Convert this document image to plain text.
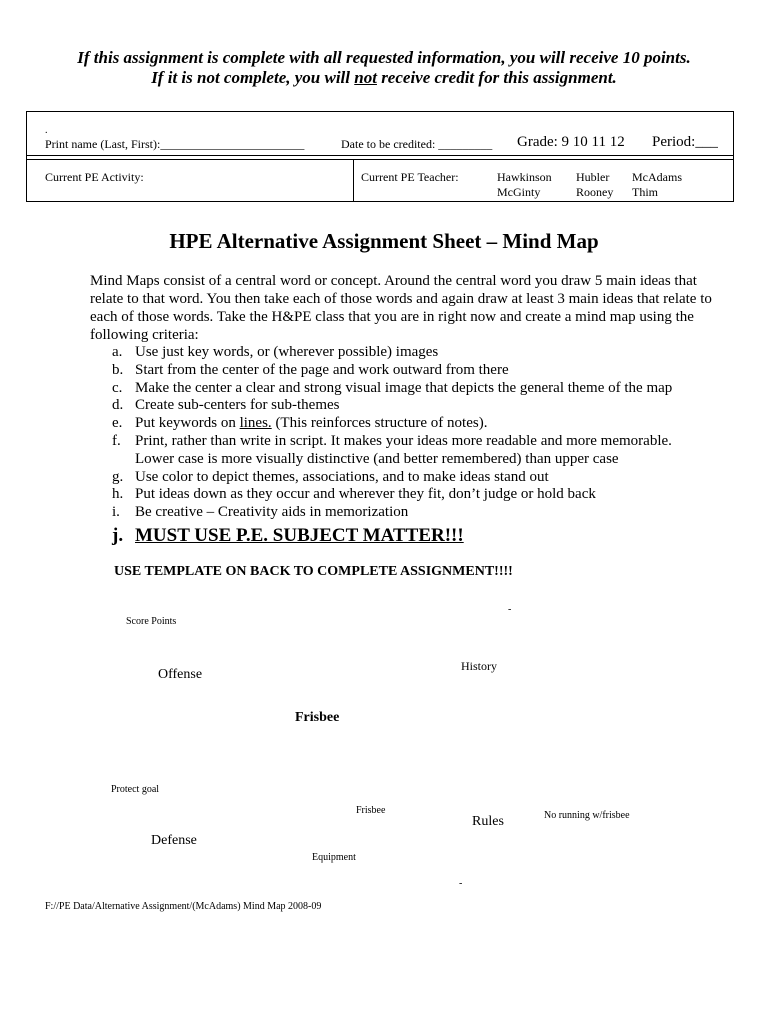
If this assignment is complete with all requested information, you will receive 10 points.
If it is not complete, you will not receive credit for this assignment.
.
Print name (Last, First):________________________	Date to be credited: _________ Grade: 9 10 11 12 Period:___
Current PE Activity:	Current PE Teacher:	Hawkinson Hubler McAdams
McGinty	Rooney Thim
HPE Alternative Assignment Sheet – Mind Map
Mind Maps consist of a central word or concept. Around the central word you draw 5 main ideas that relate to that word. You then take each of those words and again draw at least 3 main ideas that relate to each of those words. Take the H&PE class that you are in right now and create a mind map using the following criteria:
a. Use just key words, or (wherever possible) images
b. Start from the center of the page and work outward from there
c. Make the center a clear and strong visual image that depicts the general theme of the map
d. Create sub-centers for sub-themes
e. Put keywords on lines. (This reinforces structure of notes).
f. Print, rather than write in script. It makes your ideas more readable and more memorable.
Lower case is more visually distinctive (and better remembered) than upper case
g. Use color to depict themes, associations, and to make ideas stand out
h. Put ideas down as they occur and wherever they fit, don’t judge or hold back
i. Be creative – Creativity aids in memorization
j. MUST USE P.E. SUBJECT MATTER!!!
USE TEMPLATE ON BACK TO COMPLETE ASSIGNMENT!!!!
Score Points
-
History
Offense
Frisbee
Protect goal
Frisbee
Rules	No running w/frisbee
Defense
Equipment
-
F://PE Data/Alternative Assignment/(McAdams) Mind Map 2008-09
